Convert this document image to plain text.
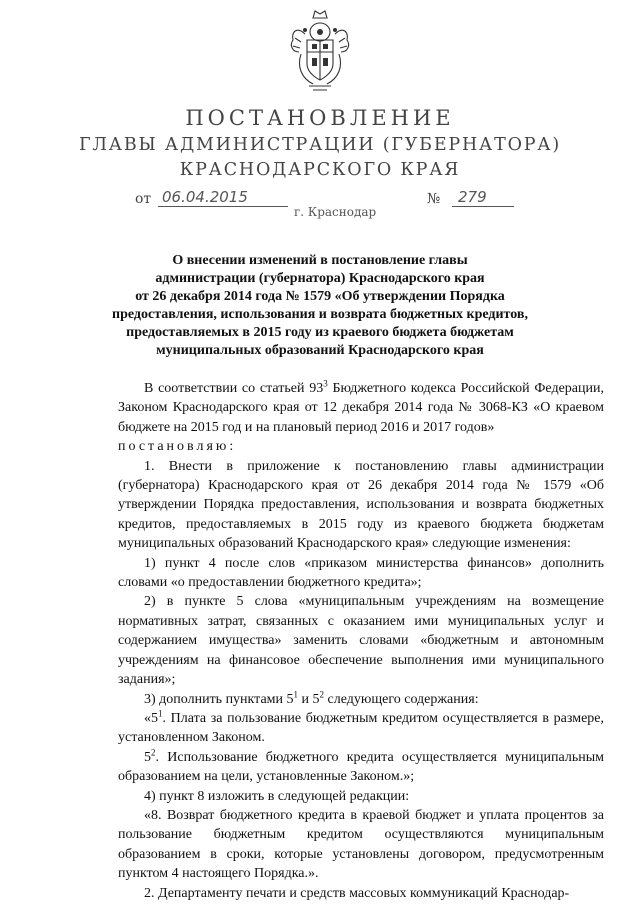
ПОСТАНОВЛЕНИЕ
ГЛАВЫ АДМИНИСТРАЦИИ (ГУБЕРНАТОРА)
КРАСНОДАРСКОГО КРАЯ
от 06.04.2015	№ 279
г. Краснодар
О внесении изменений в постановление главы
администрации (губернатора) Краснодарского края
от 26 декабря 2014 года № 1579 «Об утверждении Порядка
предоставления, использования и возврата бюджетных кредитов,
предоставляемых в 2015 году из краевого бюджета бюджетам
муниципальных образований Краснодарского края

В соответствии со статьей $93^3$ Бюджетного кодекса Российской Федерации, Законом Краснодарского края от 12 декабря 2014 года № 3068-КЗ «О краевом бюджете на 2015 год и на плановый период 2016 и 2017 годов»

постановляю:

1. Внести в приложение к постановлению главы администрации (губернатора) Краснодарского края от 26 декабря 2014 года № 1579 «Об утверждении Порядка предоставления, использования и возврата бюджетных кредитов, предоставляемых в 2015 году из краевого бюджета бюджетам муниципальных образований Краснодарского края» следующие изменения:

1) пункт 4 после слов «приказом министерства финансов» дополнить словами «о предоставлении бюджетного кредита»;

2) в пункте 5 слова «муниципальным учреждениям на возмещение нормативных затрат, связанных с оказанием ими муниципальных услуг и содержанием имущества» заменить словами «бюджетным и автономным учреждениям на финансовое обеспечение выполнения ими муниципального задания»;

3) дополнить пунктами $5^1$ и $5^2$ следующего содержания:

«$5^1$. Плата за пользование бюджетным кредитом осуществляется в размере, установленном Законом.

$5^2$. Использование бюджетного кредита осуществляется муниципальным образованием на цели, установленные Законом.»;

4) пункт 8 изложить в следующей редакции:

«8. Возврат бюджетного кредита в краевой бюджет и уплата процентов за пользование бюджетным кредитом осуществляются муниципальным образованием в сроки, которые установлены договором, предусмотренным пунктом 4 настоящего Порядка.».

2. Департаменту печати и средств массовых коммуникаций Краснодар-
